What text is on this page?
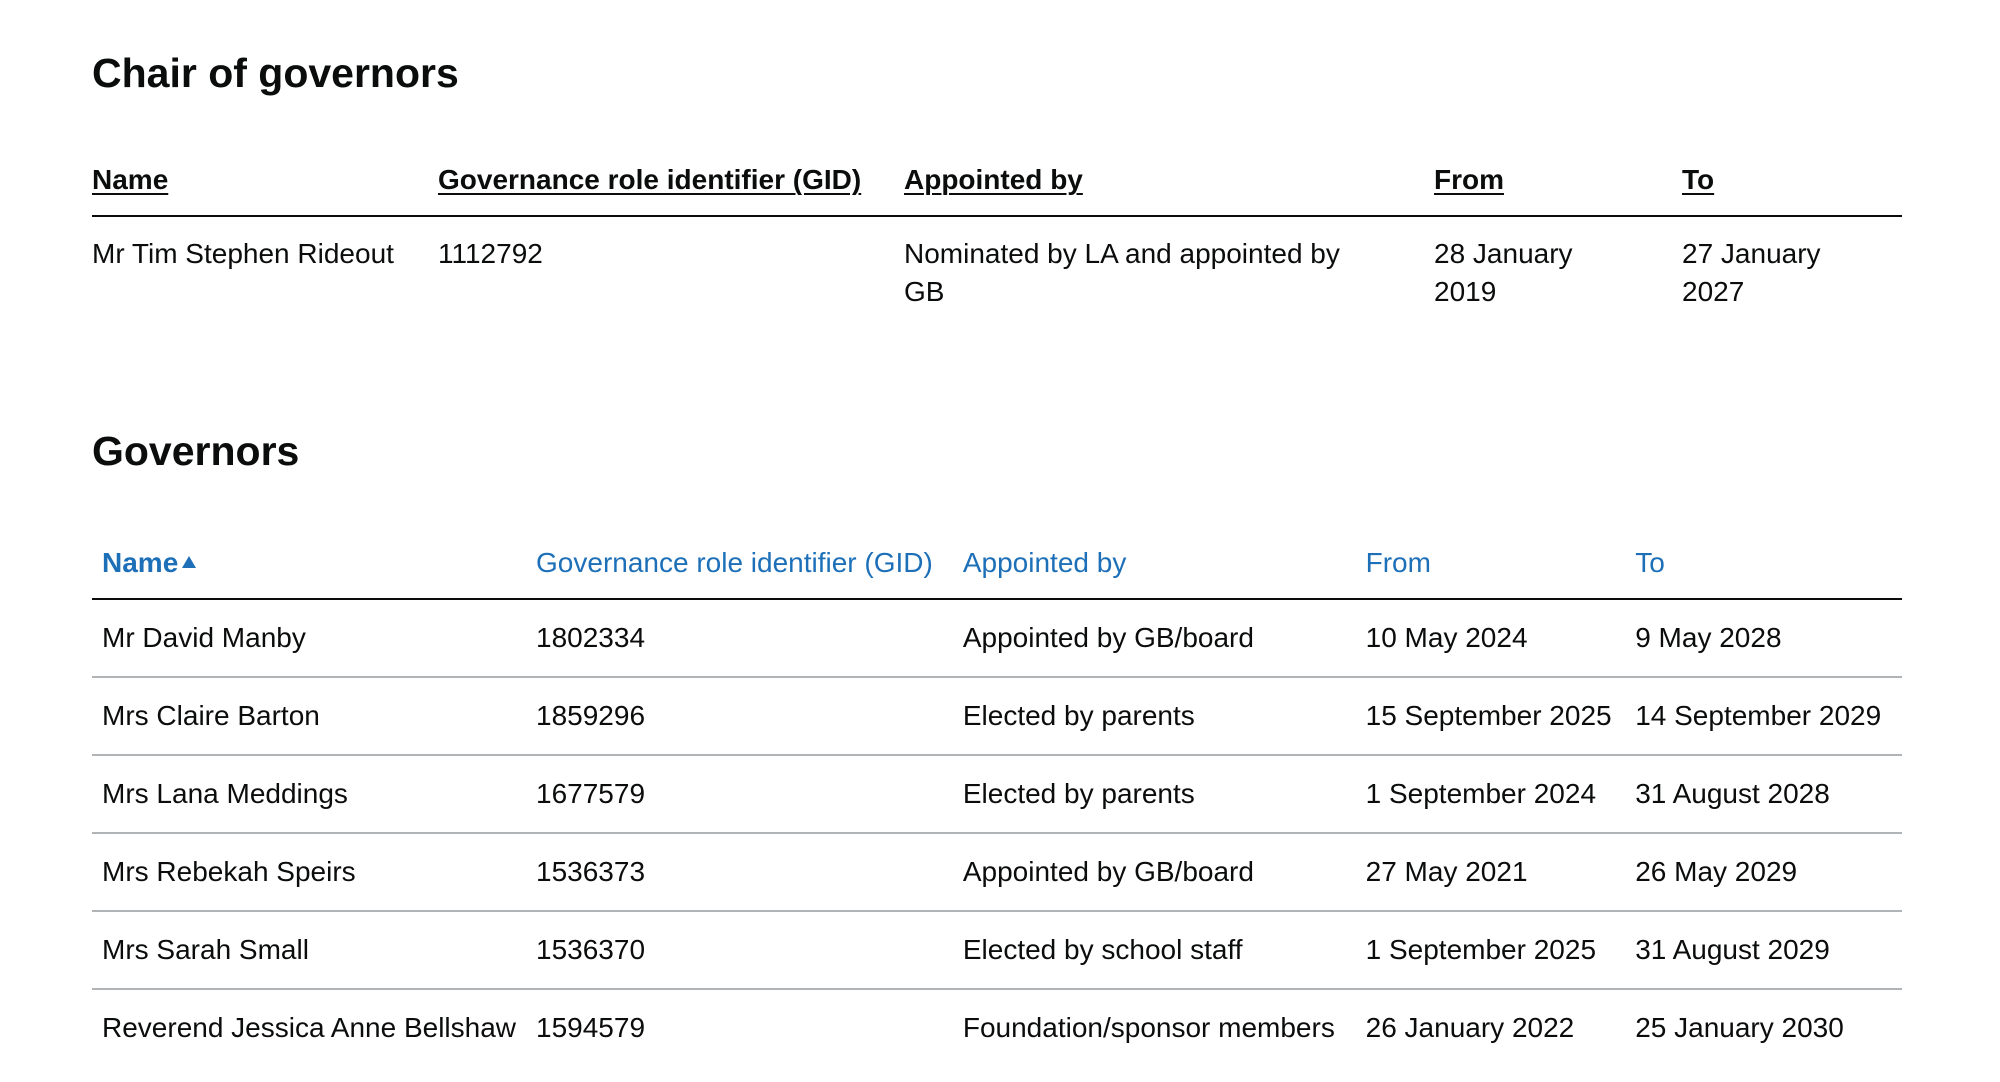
Chair of governors
Name	Governance role identifier (GID)	Appointed by	From	To
Mr Tim Stephen Rideout	1112792	Nominated by LA and appointed by GB	28 January 2019	27 January 2027
Governors
Name	Governance role identifier (GID)	Appointed by	From	To
Mr David Manby	1802334	Appointed by GB/board	10 May 2024	9 May 2028
Mrs Claire Barton	1859296	Elected by parents	15 September 2025	14 September 2029
Mrs Lana Meddings	1677579	Elected by parents	1 September 2024	31 August 2028
Mrs Rebekah Speirs	1536373	Appointed by GB/board	27 May 2021	26 May 2029
Mrs Sarah Small	1536370	Elected by school staff	1 September 2025	31 August 2029
Reverend Jessica Anne Bellshaw	1594579	Foundation/sponsor members	26 January 2022	25 January 2030
